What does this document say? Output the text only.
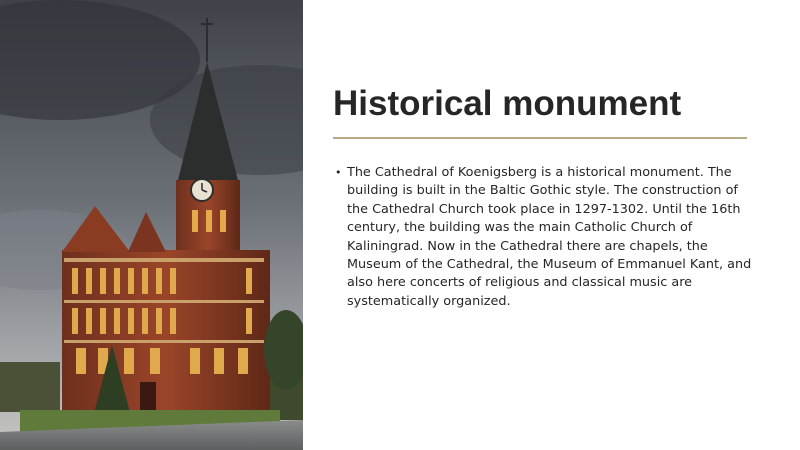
Historical monument

• The Cathedral of Koenigsberg is a historical monument. The building is built in the Baltic Gothic style. The construction of the Cathedral Church took place in 1297-1302. Until the 16th century, the building was the main Catholic Church of Kaliningrad. Now in the Cathedral there are chapels, the Museum of the Cathedral, the Museum of Emmanuel Kant, and also here concerts of religious and classical music are systematically organized.
